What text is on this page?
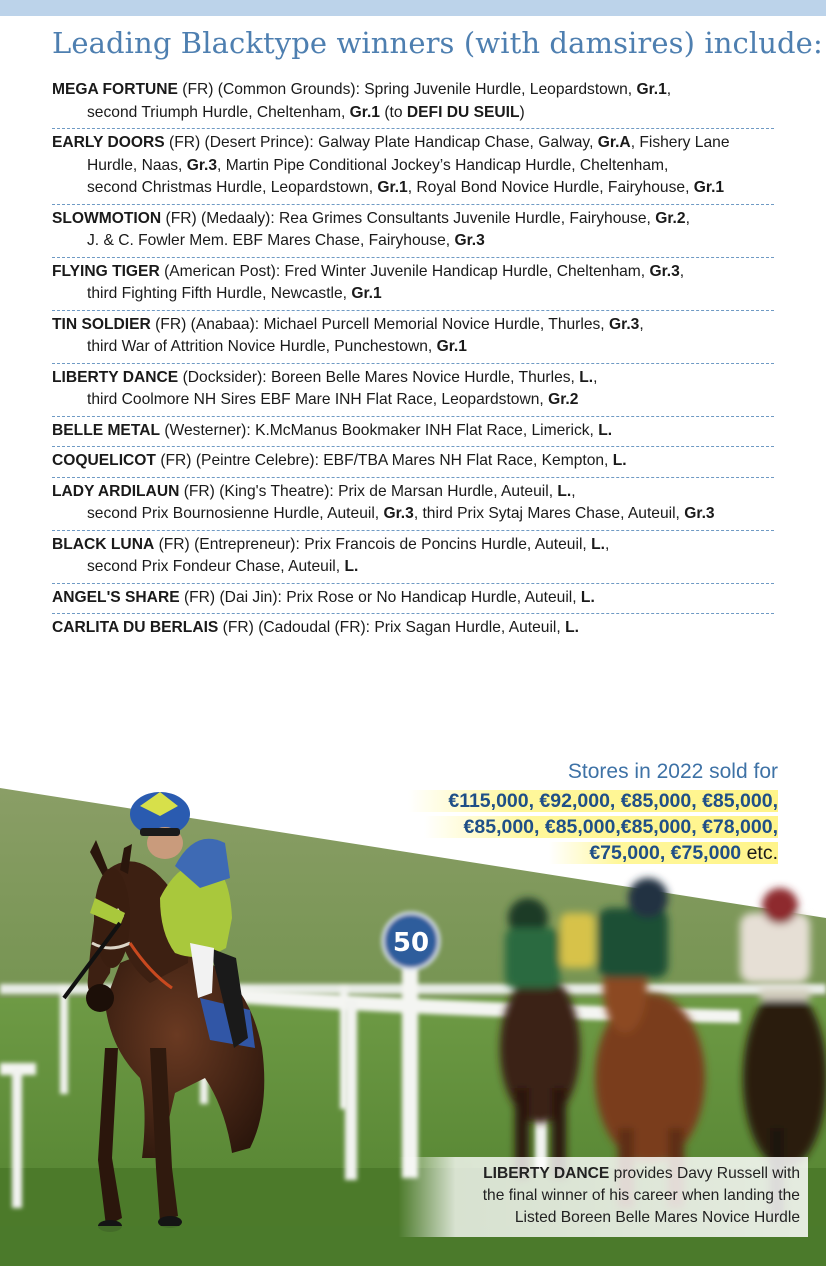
Leading Blacktype winners (with damsires) include:
MEGA FORTUNE (FR) (Common Grounds): Spring Juvenile Hurdle, Leopardstown, Gr.1,
second Triumph Hurdle, Cheltenham, Gr.1 (to DEFI DU SEUIL)
EARLY DOORS (FR) (Desert Prince): Galway Plate Handicap Chase, Galway, Gr.A, Fishery Lane
Hurdle, Naas, Gr.3, Martin Pipe Conditional Jockey’s Handicap Hurdle, Cheltenham,
second Christmas Hurdle, Leopardstown, Gr.1, Royal Bond Novice Hurdle, Fairyhouse, Gr.1
SLOWMOTION (FR) (Medaaly): Rea Grimes Consultants Juvenile Hurdle, Fairyhouse, Gr.2,
J. & C. Fowler Mem. EBF Mares Chase, Fairyhouse, Gr.3
FLYING TIGER (American Post): Fred Winter Juvenile Handicap Hurdle, Cheltenham, Gr.3,
third Fighting Fifth Hurdle, Newcastle, Gr.1
TIN SOLDIER (FR) (Anabaa): Michael Purcell Memorial Novice Hurdle, Thurles, Gr.3,
third War of Attrition Novice Hurdle, Punchestown, Gr.1
LIBERTY DANCE (Docksider): Boreen Belle Mares Novice Hurdle, Thurles, L.,
third Coolmore NH Sires EBF Mare INH Flat Race, Leopardstown, Gr.2
BELLE METAL (Westerner): K.McManus Bookmaker INH Flat Race, Limerick, L.
COQUELICOT (FR) (Peintre Celebre): EBF/TBA Mares NH Flat Race, Kempton, L.
LADY ARDILAUN (FR) (King's Theatre): Prix de Marsan Hurdle, Auteuil, L.,
second Prix Bournosienne Hurdle, Auteuil, Gr.3, third Prix Sytaj Mares Chase, Auteuil, Gr.3
BLACK LUNA (FR) (Entrepreneur): Prix Francois de Poncins Hurdle, Auteuil, L.,
second Prix Fondeur Chase, Auteuil, L.
ANGEL'S SHARE (FR) (Dai Jin): Prix Rose or No Handicap Hurdle, Auteuil, L.
CARLITA DU BERLAIS (FR) (Cadoudal (FR): Prix Sagan Hurdle, Auteuil, L.
50
Stores in 2022 sold for
€115,000, €92,000, €85,000, €85,000,
€85,000, €85,000,€85,000, €78,000,
€75,000, €75,000 etc.
LIBERTY DANCE provides Davy Russell with
the final winner of his career when landing the
Listed Boreen Belle Mares Novice Hurdle
